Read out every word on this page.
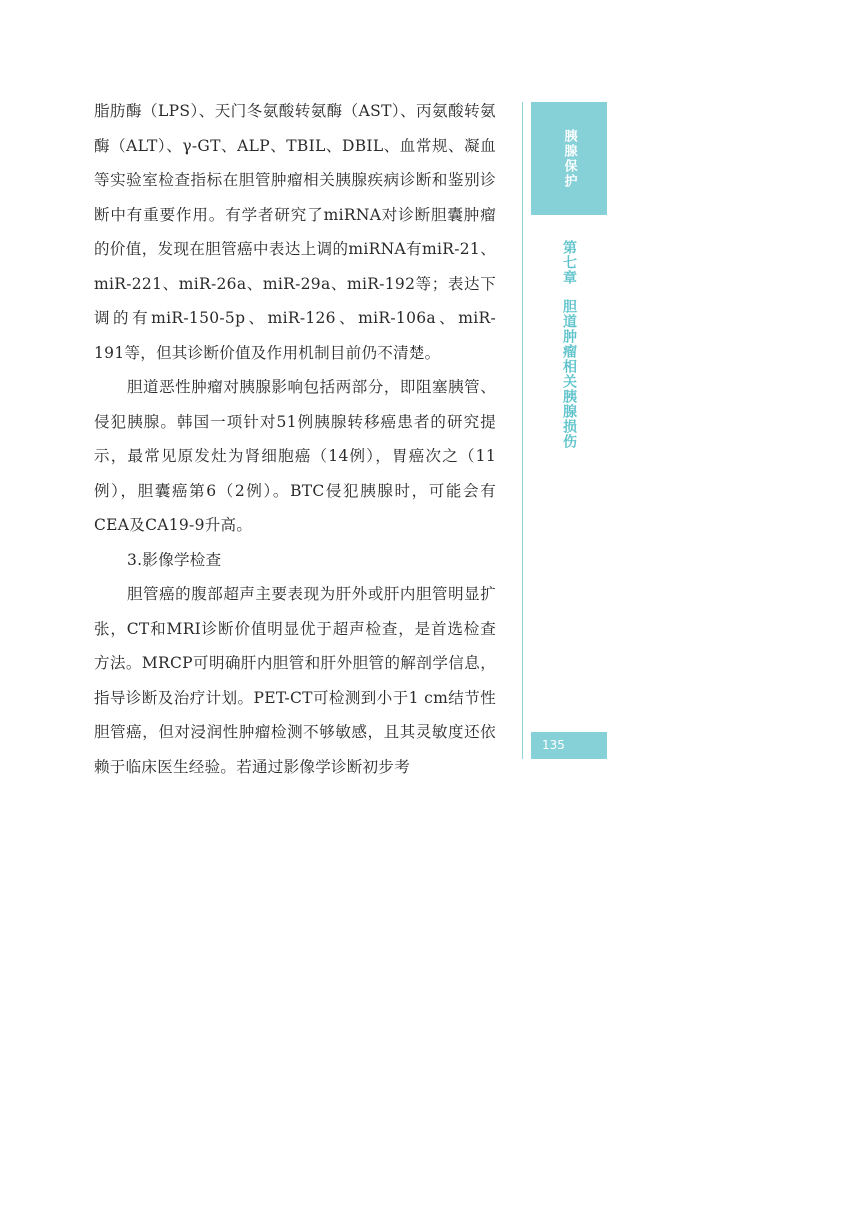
脂肪酶（LPS）、天门冬氨酸转氨酶（AST）、丙氨酸转氨酶（ALT）、γ-GT、ALP、TBIL、DBIL、血常规、凝血等实验室检查指标在胆管肿瘤相关胰腺疾病诊断和鉴别诊断中有重要作用。有学者研究了miRNA对诊断胆囊肿瘤的价值，发现在胆管癌中表达上调的miRNA有miR-21、miR-221、miR-26a、miR-29a、miR-192等；表达下调的有miR-150-5p、miR-126、miR-106a、miR-191等，但其诊断价值及作用机制目前仍不清楚。

胆道恶性肿瘤对胰腺影响包括两部分，即阻塞胰管、侵犯胰腺。韩国一项针对51例胰腺转移癌患者的研究提示，最常见原发灶为肾细胞癌（14例），胃癌次之（11例），胆囊癌第6（2例）。BTC侵犯胰腺时，可能会有CEA及CA19-9升高。

3.影像学检查

胆管癌的腹部超声主要表现为肝外或肝内胆管明显扩张，CT和MRI诊断价值明显优于超声检查，是首选检查方法。MRCP可明确肝内胆管和肝外胆管的解剖学信息，指导诊断及治疗计划。PET-CT可检测到小于1 cm结节性胆管癌，但对浸润性肿瘤检测不够敏感，且其灵敏度还依赖于临床医生经验。若通过影像学诊断初步考

胰腺保护
第七章胆道肿瘤相关胰腺损伤
135
